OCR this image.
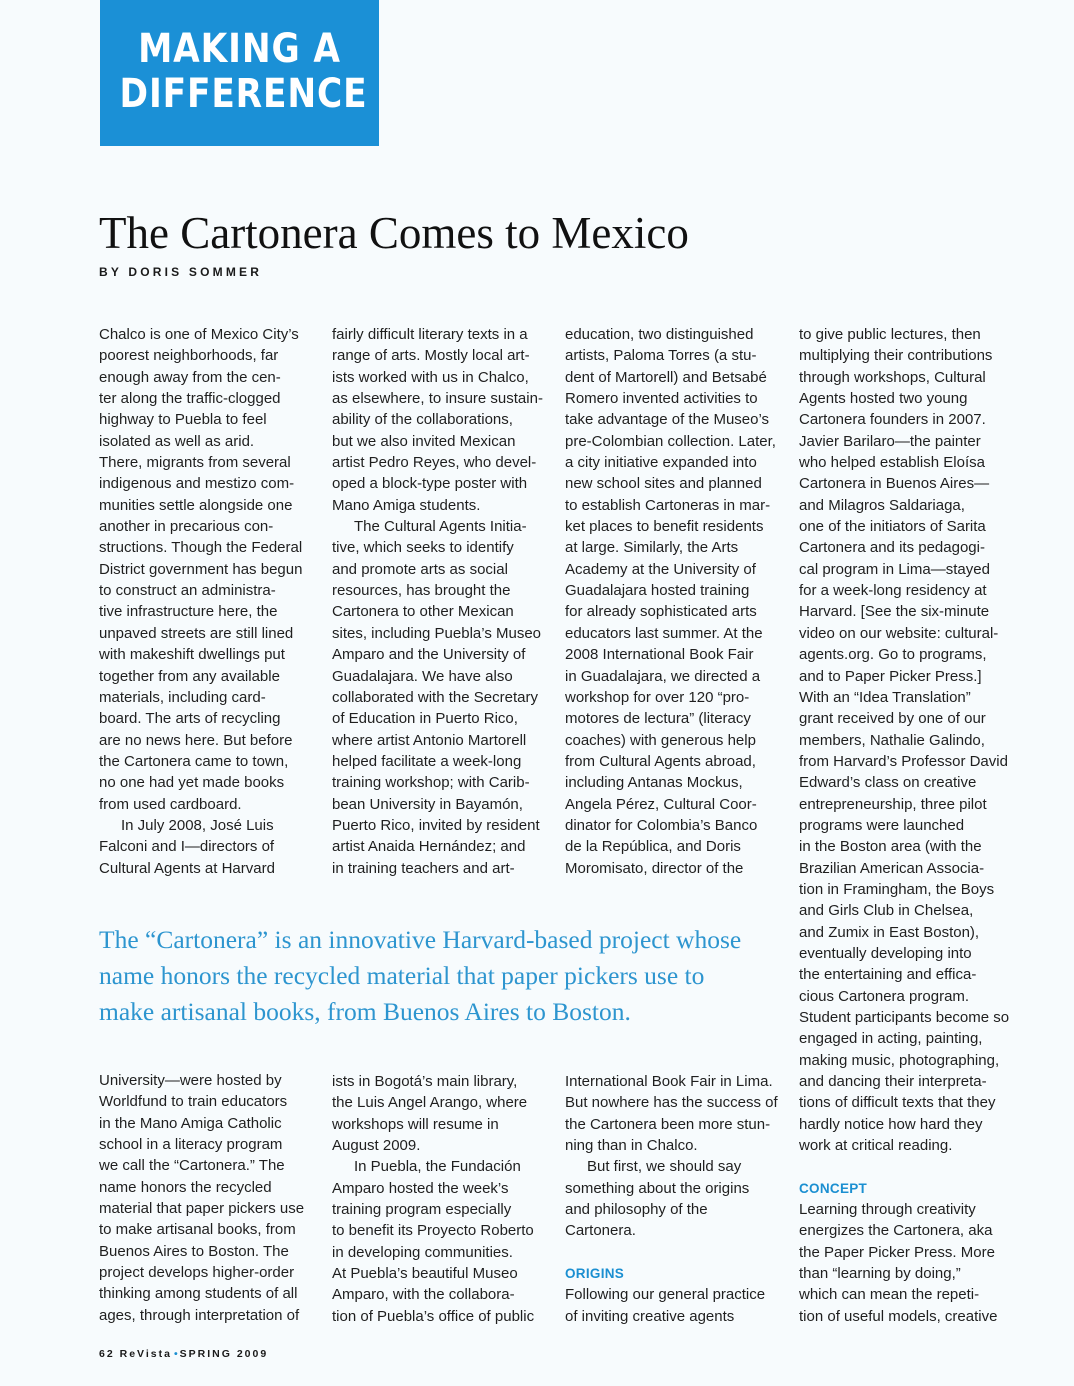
MAKING A
DIFFERENCE
The Cartonera Comes to Mexico
BY DORIS SOMMER
Chalco is one of Mexico City’s
poorest neighborhoods, far
enough away from the cen-
ter along the traffic-clogged
highway to Puebla to feel
isolated as well as arid.
There, migrants from several
indigenous and mestizo com-
munities settle alongside one
another in precarious con-
structions. Though the Federal
District government has begun
to construct an administra-
tive infrastructure here, the
unpaved streets are still lined
with makeshift dwellings put
together from any available
materials, including card-
board. The arts of recycling
are no news here. But before
the Cartonera came to town,
no one had yet made books
from used cardboard.
In July 2008, José Luis
Falconi and I—directors of
Cultural Agents at Harvard
fairly difficult literary texts in a
range of arts. Mostly local art-
ists worked with us in Chalco,
as elsewhere, to insure sustain-
ability of the collaborations,
but we also invited Mexican
artist Pedro Reyes, who devel-
oped a block-type poster with
Mano Amiga students.
The Cultural Agents Initia-
tive, which seeks to identify
and promote arts as social
resources, has brought the
Cartonera to other Mexican
sites, including Puebla’s Museo
Amparo and the University of
Guadalajara. We have also
collaborated with the Secretary
of Education in Puerto Rico,
where artist Antonio Martorell
helped facilitate a week-long
training workshop; with Carib-
bean University in Bayamón,
Puerto Rico, invited by resident
artist Anaida Hernández; and
in training teachers and art-
education, two distinguished
artists, Paloma Torres (a stu-
dent of Martorell) and Betsabé
Romero invented activities to
take advantage of the Museo’s
pre-Colombian collection. Later,
a city initiative expanded into
new school sites and planned
to establish Cartoneras in mar-
ket places to benefit residents
at large. Similarly, the Arts
Academy at the University of
Guadalajara hosted training
for already sophisticated arts
educators last summer. At the
2008 International Book Fair
in Guadalajara, we directed a
workshop for over 120 “pro-
motores de lectura” (literacy
coaches) with generous help
from Cultural Agents abroad,
including Antanas Mockus,
Angela Pérez, Cultural Coor-
dinator for Colombia’s Banco
de la República, and Doris
Moromisato, director of the
to give public lectures, then
multiplying their contributions
through workshops, Cultural
Agents hosted two young
Cartonera founders in 2007.
Javier Barilaro—the painter
who helped establish Eloísa
Cartonera in Buenos Aires—
and Milagros Saldariaga,
one of the initiators of Sarita
Cartonera and its pedagogi-
cal program in Lima—stayed
for a week-long residency at
Harvard. [See the six-minute
video on our website: cultural-
agents.org. Go to programs,
and to Paper Picker Press.]
With an “Idea Translation”
grant received by one of our
members, Nathalie Galindo,
from Harvard’s Professor David
Edward’s class on creative
entrepreneurship, three pilot
programs were launched
in the Boston area (with the
Brazilian American Associa-
tion in Framingham, the Boys
and Girls Club in Chelsea,
and Zumix in East Boston),
eventually developing into
the entertaining and effica-
cious Cartonera program.
Student participants become so
engaged in acting, painting,
making music, photographing,
and dancing their interpreta-
tions of difficult texts that they
hardly notice how hard they
work at critical reading.
CONCEPT
Learning through creativity
energizes the Cartonera, aka
the Paper Picker Press. More
than “learning by doing,”
which can mean the repeti-
tion of useful models, creative
The “Cartonera” is an innovative Harvard-based project whose
name honors the recycled material that paper pickers use to
make artisanal books, from Buenos Aires to Boston.
University—were hosted by
Worldfund to train educators
in the Mano Amiga Catholic
school in a literacy program
we call the “Cartonera.” The
name honors the recycled
material that paper pickers use
to make artisanal books, from
Buenos Aires to Boston. The
project develops higher-order
thinking among students of all
ages, through interpretation of
ists in Bogotá’s main library,
the Luis Angel Arango, where
workshops will resume in
August 2009.
In Puebla, the Fundación
Amparo hosted the week’s
training program especially
to benefit its Proyecto Roberto
in developing communities.
At Puebla’s beautiful Museo
Amparo, with the collabora-
tion of Puebla’s office of public
International Book Fair in Lima.
But nowhere has the success of
the Cartonera been more stun-
ning than in Chalco.
But first, we should say
something about the origins
and philosophy of the
Cartonera.
ORIGINS
Following our general practice
of inviting creative agents
62 ReVista • SPRING 2009
